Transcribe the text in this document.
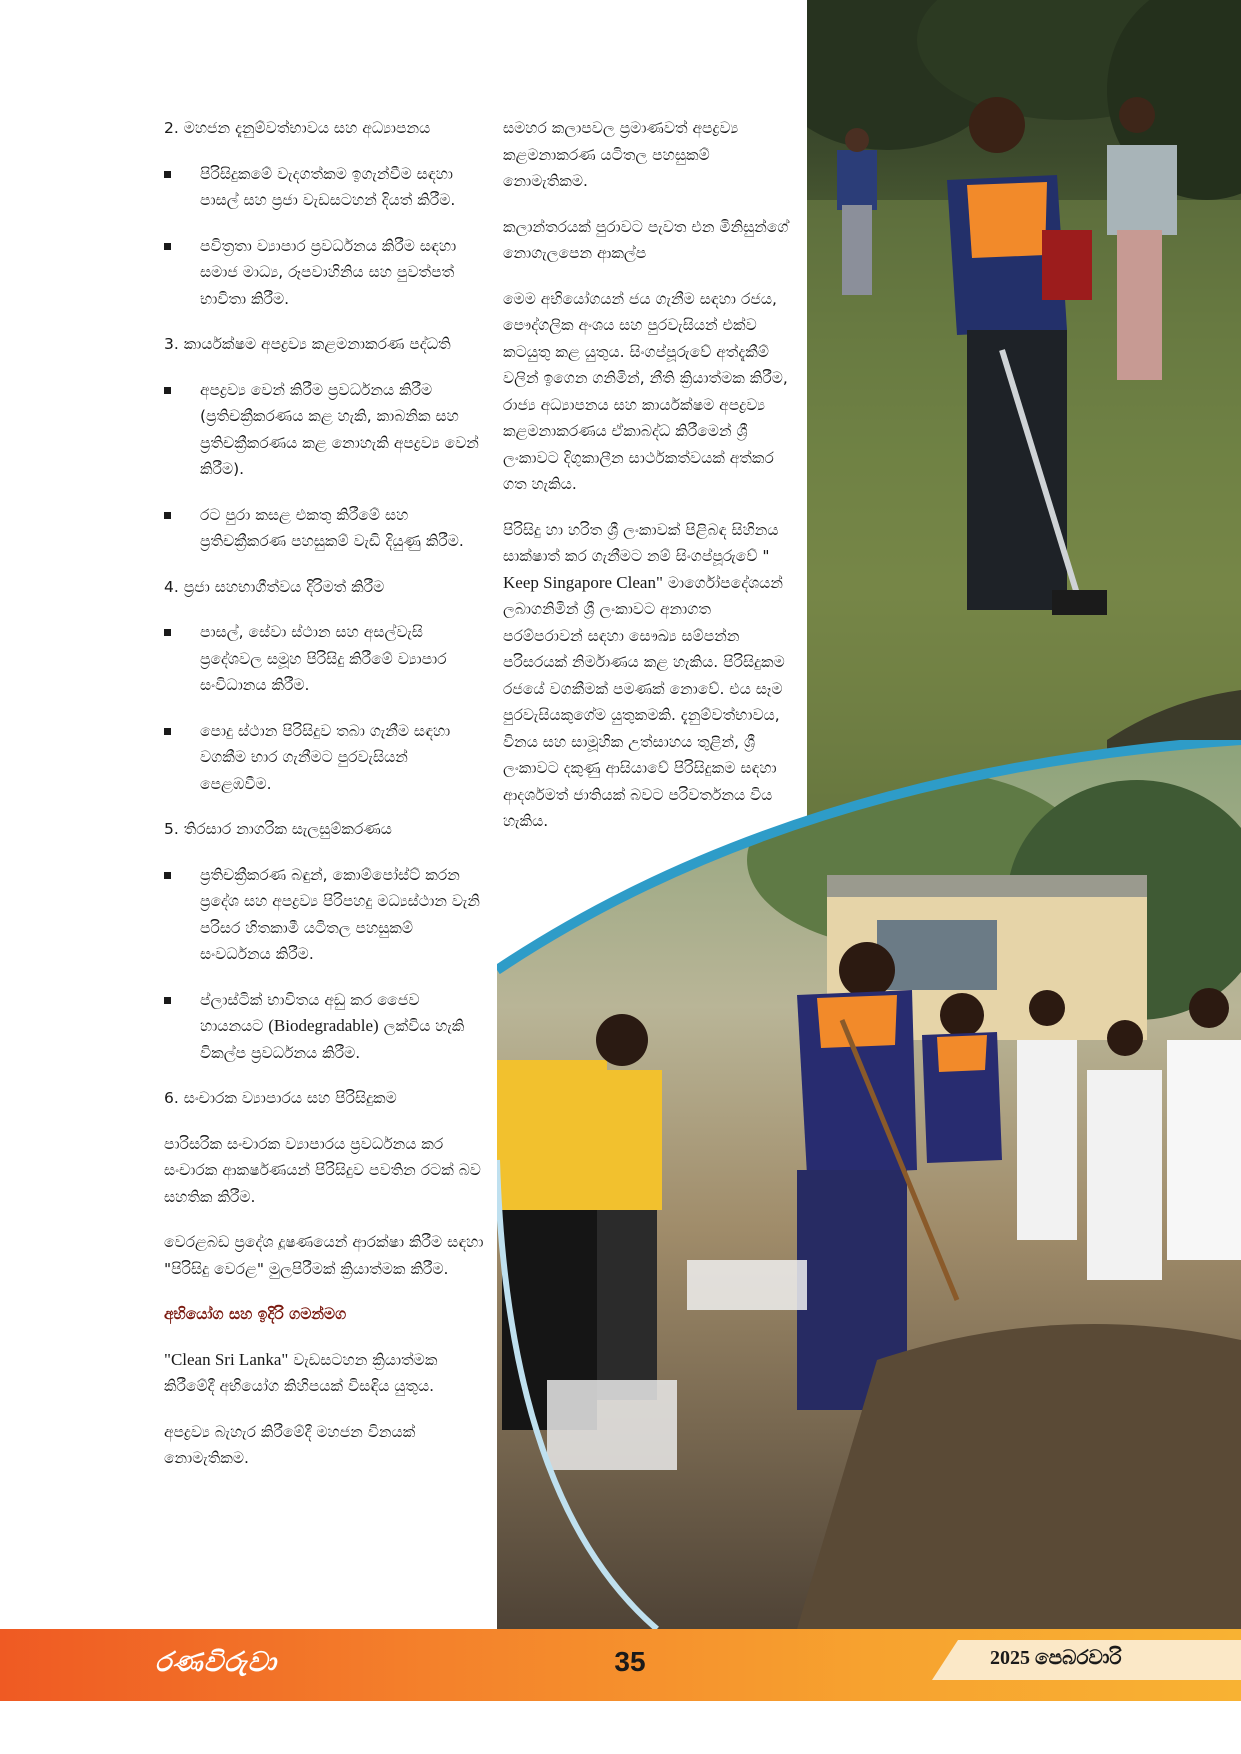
2. මහජන දැනුම්වත්භාවය සහ අධ්‍යාපනය

පිරිසිදුකමේ වැදගත්කම ඉගැන්වීම සඳහා පාසල් සහ ප්‍රජා වැඩසටහන් දියත් කිරීම.
පවිත්‍රතා ව්‍යාපාර ප්‍රවර්ධනය කිරීම සඳහා සමාජ මාධ්‍ය, රූපවාහිනිය සහ පුවත්පත් භාවිතා කිරීම.

3. කාර්යක්ෂම අපද්‍රව්‍ය කළමනාකරණ පද්ධති

අපද්‍රව්‍ය වෙන් කිරීම ප්‍රවර්ධනය කිරීම (ප්‍රතිචක්‍රීකරණය කළ හැකි, කාබනික සහ ප්‍රතිචක්‍රීකරණය කළ නොහැකි අපද්‍රව්‍ය වෙන් කිරීම).
රට පුරා කසළ එකතු කිරීමේ සහ ප්‍රතිචක්‍රීකරණ පහසුකම් වැඩි දියුණු කිරීම.

4. ප්‍රජා සහභාගීත්වය දිරිමත් කිරීම

පාසල්, සේවා ස්ථාන සහ අසල්වැසි ප්‍රදේශවල සමූහ පිරිසිදු කිරීමේ ව්‍යාපාර සංවිධානය කිරීම.
පොදු ස්ථාන පිරිසිදුව තබා ගැනීම සඳහා වගකීම භාර ගැනීමට පුරවැසියන් පෙළඹවීම.

5. තිරසාර නාගරික සැලසුම්කරණය

ප්‍රතිචක්‍රීකරණ බඳුන්, කොම්පෝස්ට් කරන ප්‍රදේශ සහ අපද්‍රව්‍ය පිරිපහදු මධ්‍යස්ථාන වැනි පරිසර හිතකාමී යටිතල පහසුකම් සංවර්ධනය කිරීම.
ප්ලාස්ටික් භාවිතය අඩු කර ජෛව හායනයට (Biodegradable) ලක්විය හැකි විකල්ප ප්‍රවර්ධනය කිරීම.

6. සංචාරක ව්‍යාපාරය සහ පිරිසිදුකම

පාරිසරික සංචාරක ව්‍යාපාරය ප්‍රවර්ධනය කර සංචාරක ආකර්ෂණයන් පිරිසිදුව පවතින රටක් බව සහතික කිරීම.

වෙරළබඩ ප්‍රදේශ දූෂණයෙන් ආරක්ෂා කිරීම සඳහා "පිරිසිදු වෙරළ" මුලපිරීමක් ක්‍රියාත්මක කිරීම.

අභියෝග සහ ඉදිරි ගමන්මග

"Clean Sri Lanka" වැඩසටහන ක්‍රියාත්මක කිරීමේදී අභියෝග කිහිපයක් විසඳිය යුතුය.

අපද්‍රව්‍ය බැහැර කිරීමේදී මහජන විනයක් නොමැතිකම.

සමහර කලාපවල ප්‍රමාණවත් අපද්‍රව්‍ය කළමනාකරණ යටිතල පහසුකම් නොමැතිකම.

කලාන්තරයක් පුරාවට පැවත එන මිනිසුන්ගේ නොගැලපෙන ආකල්ප

මෙම අභියෝගයන් ජය ගැනීම සඳහා රජය, පෞද්ගලික අංශය සහ පුරවැසියන් එක්ව කටයුතු කළ යුතුය. සිංගප්පූරුවේ අත්දැකීම් වලින් ඉගෙන ගනිමින්, නීති ක්‍රියාත්මක කිරීම, රාජ්‍ය අධ්‍යාපනය සහ කාර්යක්ෂම අපද්‍රව්‍ය කළමනාකරණය ඒකාබද්ධ කිරීමෙන් ශ්‍රී ලංකාවට දිගුකාලීන සාර්ථකත්වයක් අත්කර ගත හැකිය.

පිරිසිදු හා හරිත ශ්‍රී ලංකාවක් පිළිබඳ සිහිනය සාක්ෂාත් කර ගැනීමට නම් සිංගප්පූරුවේ " Keep Singapore Clean" මාර්ගෝපදේශයන් ලබාගනිමින් ශ්‍රී ලංකාවට අනාගත පරම්පරාවන් සඳහා සෞඛ්‍ය සම්පන්න පරිසරයක් නිර්මාණය කළ හැකිය. පිරිසිදුකම රජයේ වගකීමක් පමණක් නොවේ. එය සෑම පුරවැසියකුගේම යුතුකමකි. දැනුම්වත්භාවය, විනය සහ සාමූහික උත්සාහය තුළින්, ශ්‍රී ලංකාවට දකුණු ආසියාවේ පිරිසිදුකම සඳහා ආදර්ශමත් ජාතියක් බවට පරිවර්තනය විය හැකිය.

රණවිරුවා	35	2025 පෙබරවාරි
